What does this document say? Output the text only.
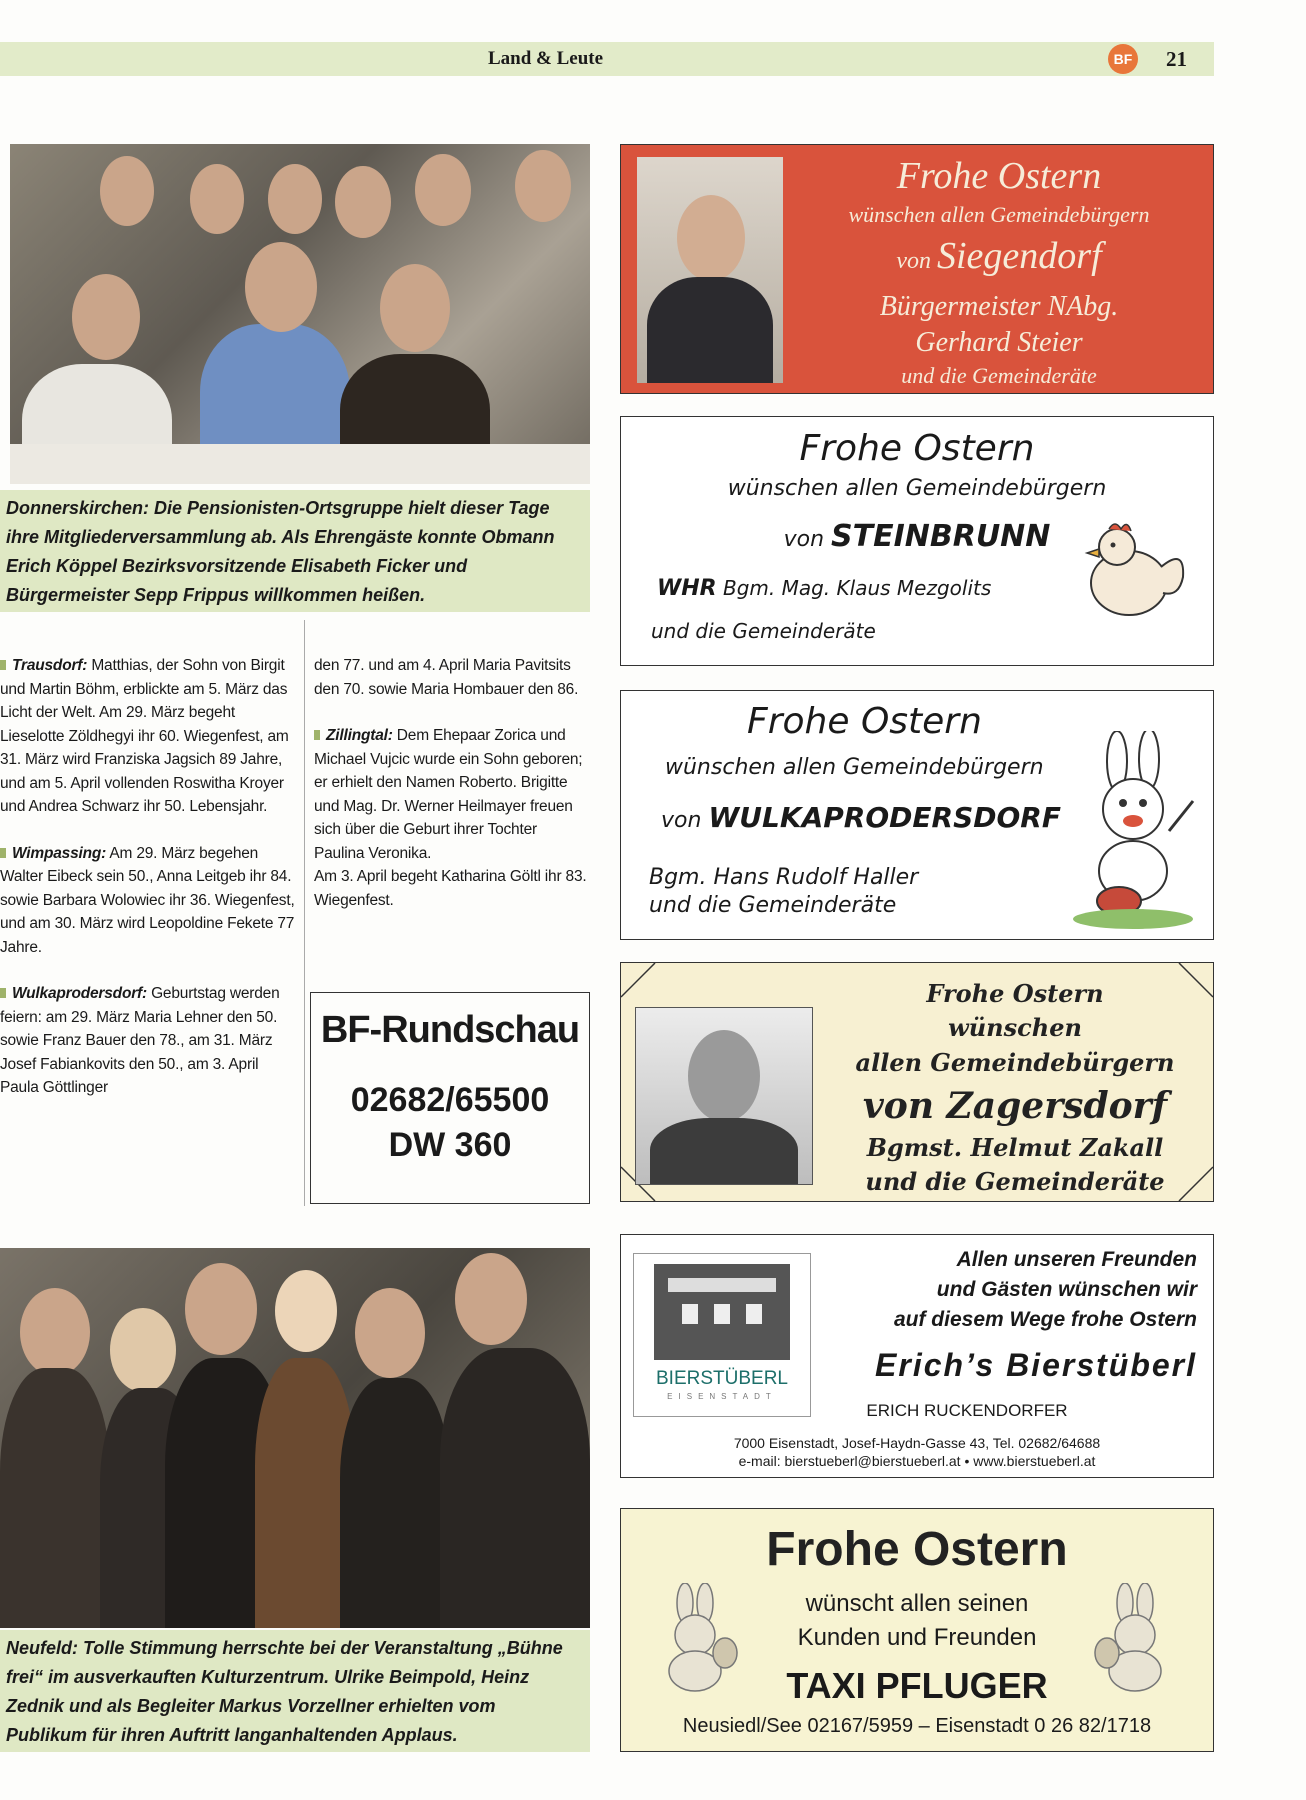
Land & Leute	BF 21
Donnerskirchen: Die Pensionisten-Ortsgruppe hielt dieser Tage ihre Mitgliederversammlung ab. Als Ehrengäste konnte Obmann Erich Köppel Bezirksvorsitzende Elisabeth Ficker und Bürgermeister Sepp Frippus willkommen heißen.

Trausdorf: Matthias, der Sohn von Birgit und Martin Böhm, erblickte am 5. März das Licht der Welt. Am 29. März begeht Lieselotte Zöldhegyi ihr 60. Wiegenfest, am 31. März wird Franziska Jagsich 89 Jahre, und am 5. April vollenden Roswitha Kroyer und Andrea Schwarz ihr 50. Lebensjahr.

Wimpassing: Am 29. März begehen Walter Eibeck sein 50., Anna Leitgeb ihr 84. sowie Barbara Wolowiec ihr 36. Wiegenfest, und am 30. März wird Leopoldine Fekete 77 Jahre.

Wulkaprodersdorf: Geburtstag werden feiern: am 29. März Maria Lehner den 50. sowie Franz Bauer den 78., am 31. März Josef Fabiankovits den 50., am 3. April Paula Göttlinger

den 77. und am 4. April Maria Pavitsits den 70. sowie Maria Hombauer den 86.

Zillingtal: Dem Ehepaar Zorica und Michael Vujcic wurde ein Sohn geboren; er erhielt den Namen Roberto. Brigitte und Mag. Dr. Werner Heilmayer freuen sich über die Geburt ihrer Tochter Paulina Veronika.

Am 3. April begeht Katharina Göltl ihr 83. Wiegenfest.

BF-Rundschau
02682/65500
DW 360
Neufeld: Tolle Stimmung herrschte bei der Veranstaltung „Bühne frei“ im ausverkauften Kulturzentrum. Ulrike Beimpold, Heinz Zednik und als Begleiter Markus Vorzellner erhielten vom Publikum für ihren Auftritt langanhaltenden Applaus.
Frohe Ostern
wünschen allen Gemeindebürgern
von Siegendorf
Bürgermeister NAbg.
Gerhard Steier
und die Gemeinderäte
Frohe Ostern
wünschen allen Gemeindebürgern
von STEINBRUNN
WHR Bgm. Mag. Klaus Mezgolits
und die Gemeinderäte
Frohe Ostern
wünschen allen Gemeindebürgern
von WULKAPRODERSDORF
Bgm. Hans Rudolf Haller
und die Gemeinderäte
Frohe Ostern
wünschen
allen Gemeindebürgern
von Zagersdorf
Bgmst. Helmut Zakall
und die Gemeinderäte
BIERSTÜBERL
EISENSTADT
Allen unseren Freunden
und Gästen wünschen wir
auf diesem Wege frohe Ostern
Erich’s Bierstüberl
ERICH RUCKENDORFER
7000 Eisenstadt, Josef-Haydn-Gasse 43, Tel. 02682/64688
e-mail: bierstueberl@bierstueberl.at • www.bierstueberl.at
Frohe Ostern
wünscht allen seinen
Kunden und Freunden
TAXI PFLUGER
Neusiedl/See 02167/5959 – Eisenstadt 0 26 82/1718
